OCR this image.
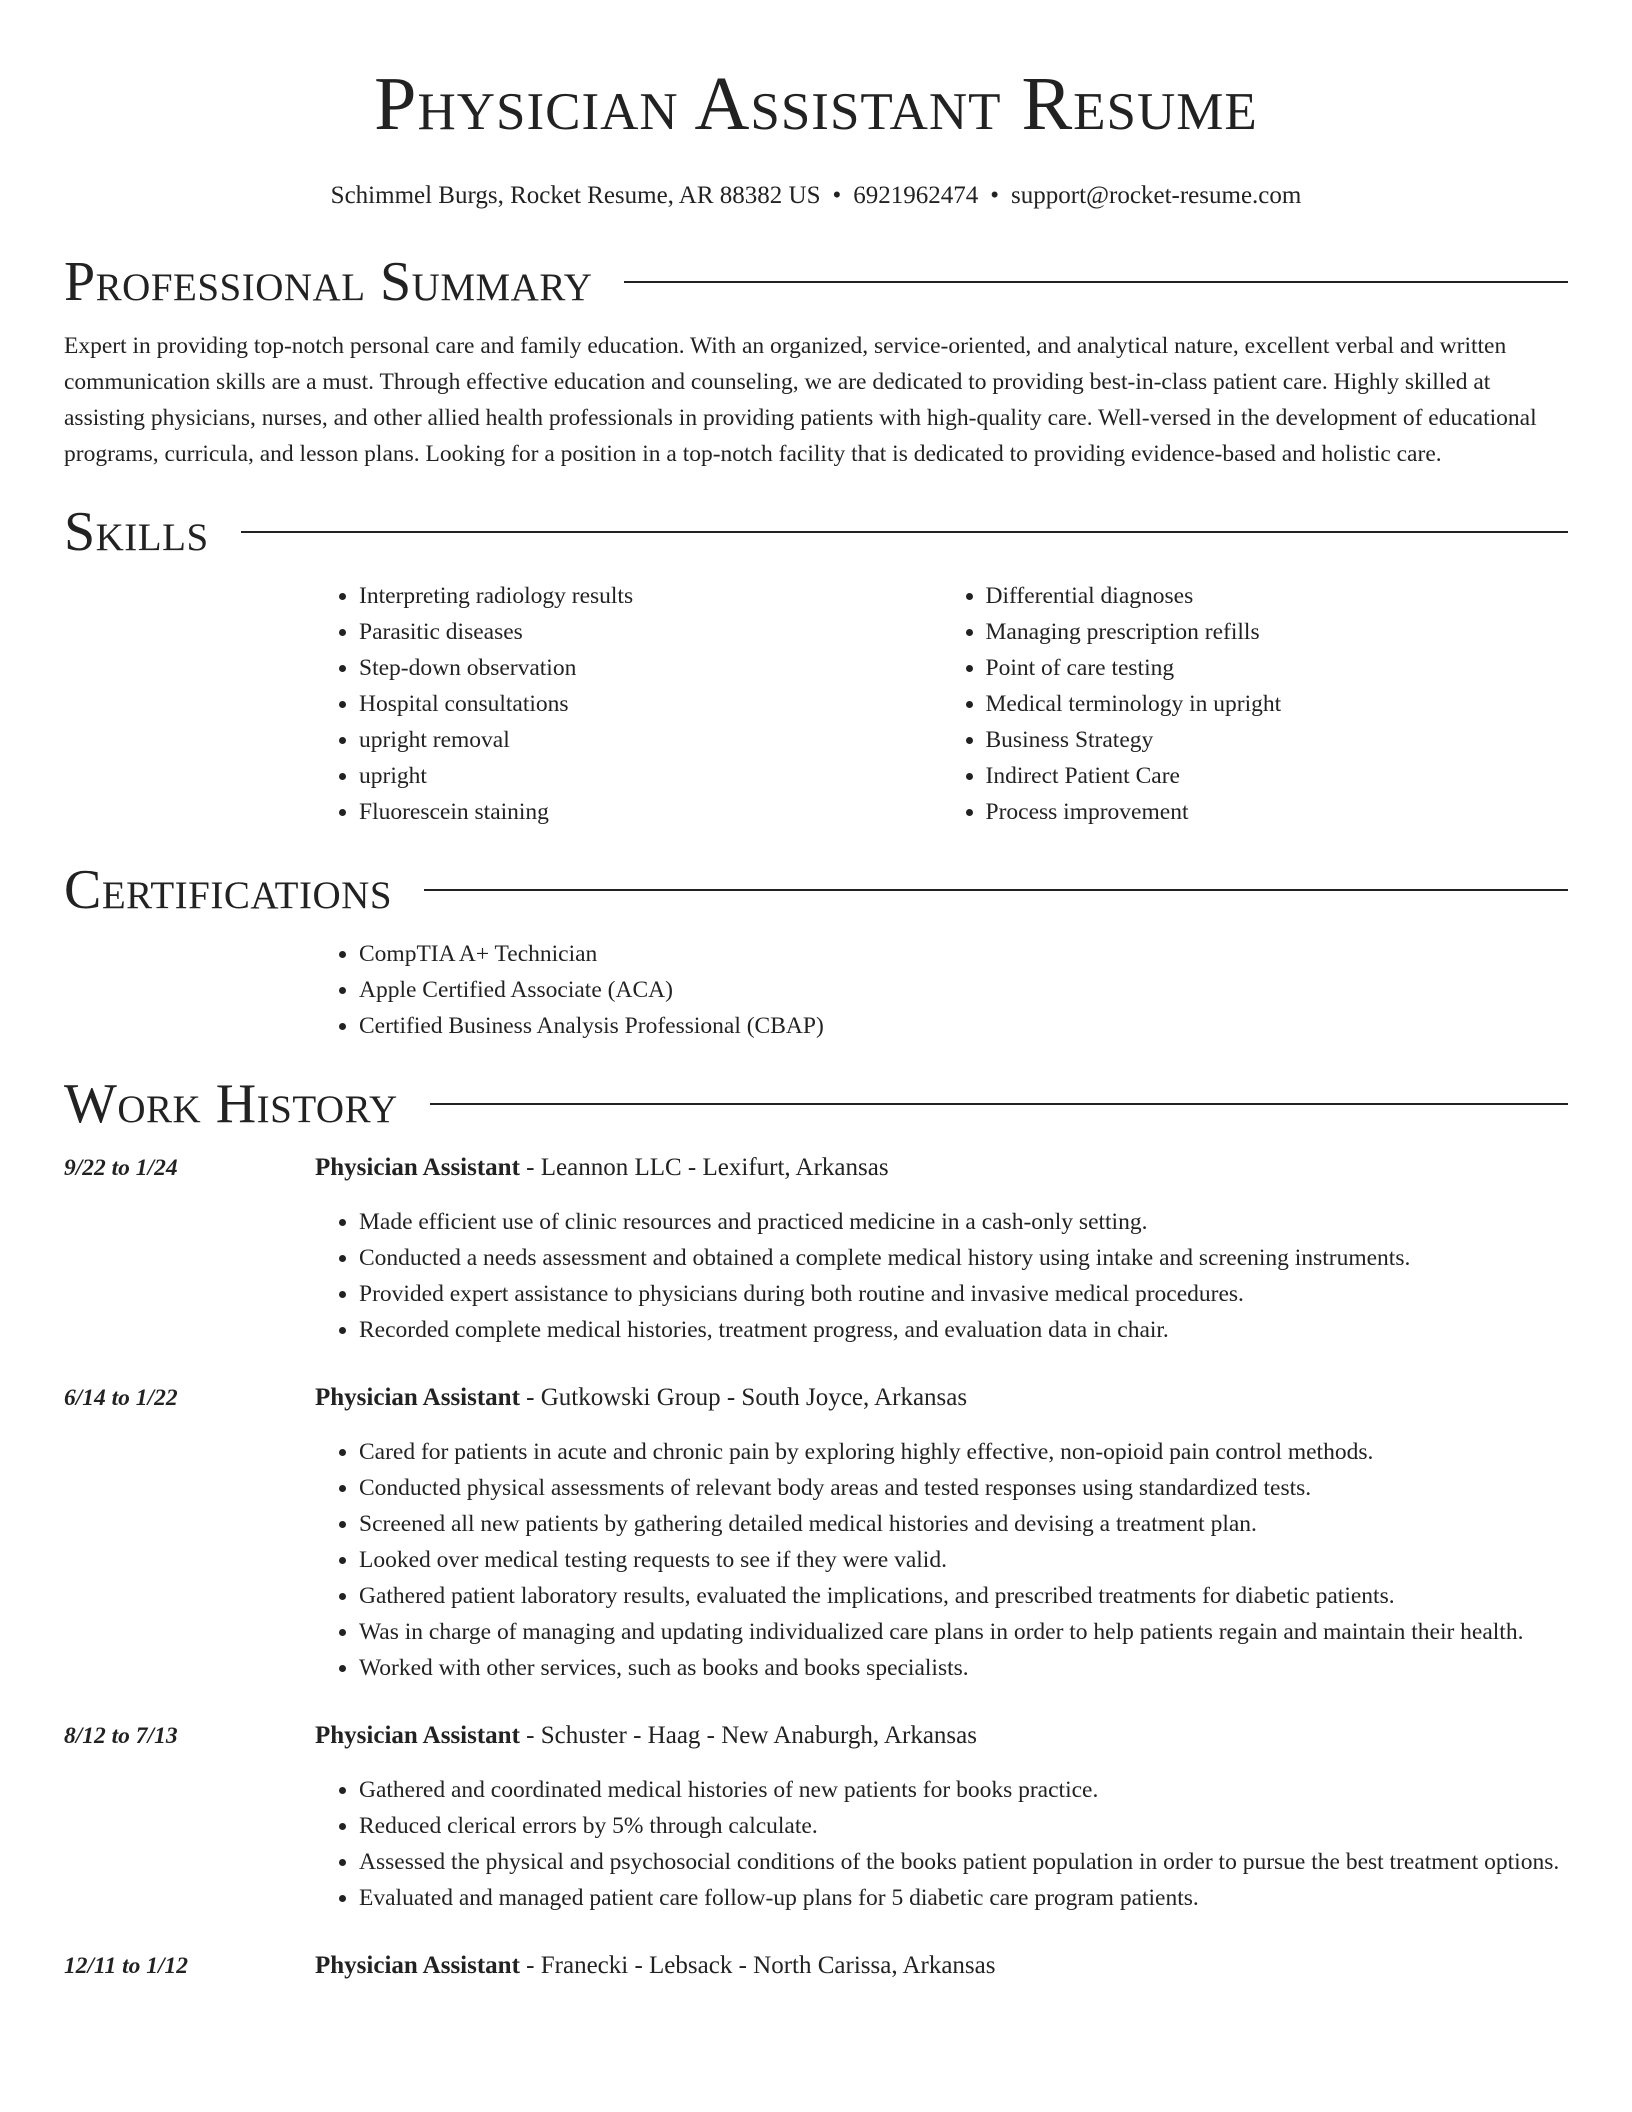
Physician Assistant Resume
Schimmel Burgs, Rocket Resume, AR 88382 US • 6921962474 • support@rocket-resume.com
Professional Summary

Expert in providing top-notch personal care and family education. With an organized, service-oriented, and analytical nature, excellent verbal and written communication skills are a must. Through effective education and counseling, we are dedicated to providing best-in-class patient care. Highly skilled at assisting physicians, nurses, and other allied health professionals in providing patients with high-quality care. Well-versed in the development of educational programs, curricula, and lesson plans. Looking for a position in a top-notch facility that is dedicated to providing evidence-based and holistic care.

Skills
• Interpreting radiology results
• Parasitic diseases
• Step-down observation
• Hospital consultations
• upright removal
• upright
• Fluorescein staining
• Differential diagnoses
• Managing prescription refills
• Point of care testing
• Medical terminology in upright
• Business Strategy
• Indirect Patient Care
• Process improvement
Certifications
• CompTIA A+ Technician
• Apple Certified Associate (ACA)
• Certified Business Analysis Professional (CBAP)
Work History
9/22 to 1/24	Physician Assistant - Leannon LLC - Lexifurt, Arkansas
• Made efficient use of clinic resources and practiced medicine in a cash-only setting.
• Conducted a needs assessment and obtained a complete medical history using intake and screening instruments.
• Provided expert assistance to physicians during both routine and invasive medical procedures.
• Recorded complete medical histories, treatment progress, and evaluation data in chair.
6/14 to 1/22	Physician Assistant - Gutkowski Group - South Joyce, Arkansas
• Cared for patients in acute and chronic pain by exploring highly effective, non-opioid pain control methods.
• Conducted physical assessments of relevant body areas and tested responses using standardized tests.
• Screened all new patients by gathering detailed medical histories and devising a treatment plan.
• Looked over medical testing requests to see if they were valid.
• Gathered patient laboratory results, evaluated the implications, and prescribed treatments for diabetic patients.
• Was in charge of managing and updating individualized care plans in order to help patients regain and maintain their health.
• Worked with other services, such as books and books specialists.
8/12 to 7/13	Physician Assistant - Schuster - Haag - New Anaburgh, Arkansas
• Gathered and coordinated medical histories of new patients for books practice.
• Reduced clerical errors by 5% through calculate.
• Assessed the physical and psychosocial conditions of the books patient population in order to pursue the best treatment options.
• Evaluated and managed patient care follow-up plans for 5 diabetic care program patients.
12/11 to 1/12	Physician Assistant - Franecki - Lebsack - North Carissa, Arkansas
